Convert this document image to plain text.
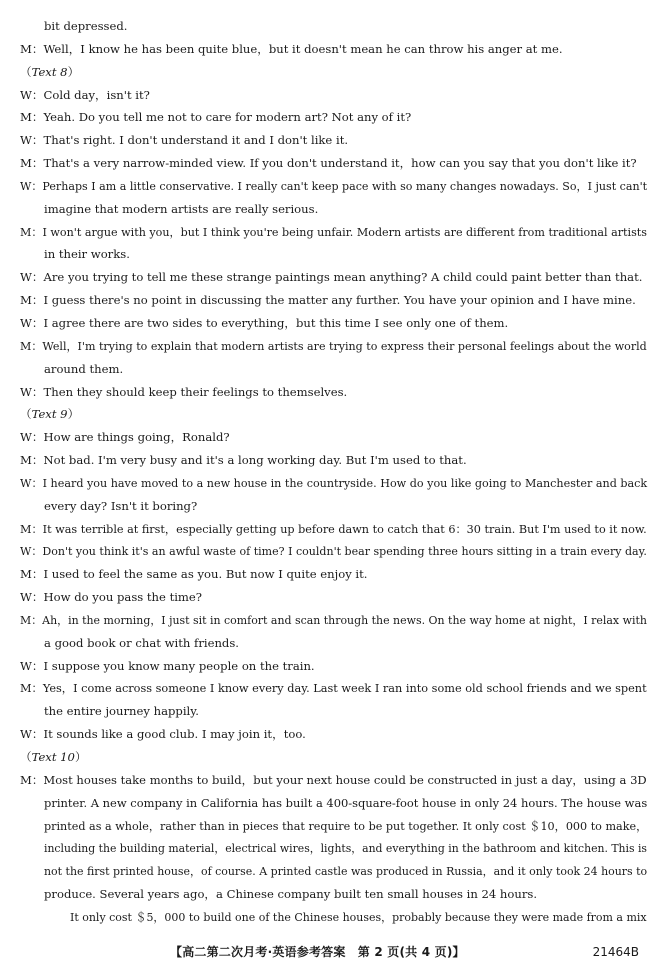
bit depressed.
M：Well，I know he has been quite blue，but it doesn't mean he can throw his anger at me.
（Text 8）
W：Cold day，isn't it?
M：Yeah. Do you tell me not to care for modern art? Not any of it?
W：That's right. I don't understand it and I don't like it.
M：That's a very narrow-minded view. If you don't understand it，how can you say that you don't like it?
W：Perhaps I am a little conservative. I really can't keep pace with so many changes nowadays. So，I just can't
imagine that modern artists are really serious.
M：I won't argue with you，but I think you're being unfair. Modern artists are different from traditional artists
in their works.
W：Are you trying to tell me these strange paintings mean anything? A child could paint better than that.
M：I guess there's no point in discussing the matter any further. You have your opinion and I have mine.
W：I agree there are two sides to everything，but this time I see only one of them.
M：Well，I'm trying to explain that modern artists are trying to express their personal feelings about the world
around them.
W：Then they should keep their feelings to themselves.
（Text 9）
W：How are things going，Ronald?
M：Not bad. I'm very busy and it's a long working day. But I'm used to that.
W：I heard you have moved to a new house in the countryside. How do you like going to Manchester and back
every day? Isn't it boring?
M：It was terrible at first，especially getting up before dawn to catch that 6：30 train. But I'm used to it now.
W：Don't you think it's an awful waste of time? I couldn't bear spending three hours sitting in a train every day.
M：I used to feel the same as you. But now I quite enjoy it.
W：How do you pass the time?
M：Ah，in the morning，I just sit in comfort and scan through the news. On the way home at night，I relax with
a good book or chat with friends.
W：I suppose you know many people on the train.
M：Yes，I come across someone I know every day. Last week I ran into some old school friends and we spent
the entire journey happily.
W：It sounds like a good club. I may join it，too.
（Text 10）
M：Most houses take months to build，but your next house could be constructed in just a day，using a 3D
printer. A new company in California has built a 400-square-foot house in only 24 hours. The house was
printed as a whole，rather than in pieces that require to be put together. It only cost ＄10，000 to make，
including the building material，electrical wires，lights，and everything in the bathroom and kitchen. This is
not the first printed house，of course. A printed castle was produced in Russia，and it only took 24 hours to
produce. Several years ago，a Chinese company built ten small houses in 24 hours.
It only cost ＄5，000 to build one of the Chinese houses，probably because they were made from a mix
【高二第二次月考·英语参考答案　第 2 页(共 4 页)】	21464B
